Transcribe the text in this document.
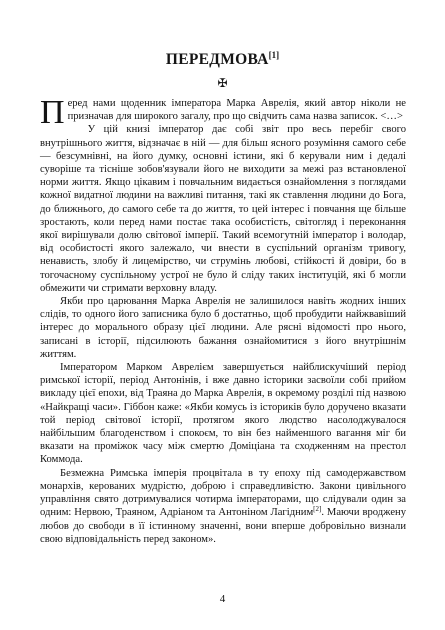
ПЕРЕДМОВА[1]
✠

Перед нами щоденник імператора Марка Аврелія, який автор ніколи не призначав для широкого загалу, про що свідчить сама назва записок. <…>

У цій книзі імператор дає собі звіт про весь перебіг свого внутрішнього життя, відзначає в ній — для більш ясного розуміння самого себе — безсумнівні, на його думку, основні істини, які б керували ним і дедалі суворіше та тісніше зобов'язували його не виходити за межі раз встановленої норми життя. Якщо цікавим і повчальним видається ознайомлення з поглядами кожної видатної людини на важливі питання, такі як ставлення людини до Бога, до ближнього, до самого себе та до життя, то цей інтерес і повчання ще більше зростають, коли перед нами постає така особистість, світогляд і переконання якої вирішували долю світової імперії. Такий всемогутній імператор і володар, від особистості якого залежало, чи внести в суспільний організм тривогу, ненависть, злобу й лицемірство, чи струмінь любові, стійкості й довіри, бо в тогочасному суспільному устрої не було й сліду таких інституцій, які б могли обмежити чи стримати верховну владу.

Якби про царювання Марка Аврелія не залишилося навіть жодних інших слідів, то одного його записника було б достатньо, щоб пробудити найжвавіший інтерес до морального образу цієї людини. Але рясні відомості про нього, записані в історії, підсилюють бажання ознайомитися з його внутрішнім життям.

Імператором Марком Аврелієм завершується найблискучіший період римської історії, період Антонінів, і вже давно історики засвоїли собі прийом викладу цієї епохи, від Траяна до Марка Аврелія, в окремому розділі під назвою «Найкращі часи». Гіббон каже: «Якби комусь із істориків було доручено вказати той період світової історії, протягом якого людство насолоджувалося найбільшим благоденством і спокоєм, то він без найменшого вагання міг би вказати на проміжок часу між смертю Доміціана та сходженням на престол Коммода.

Безмежна Римська імперія процвітала в ту епоху під самодержавством монархів, керованих мудрістю, доброю і справедливістю. Закони цивільного управління свято дотримувалися чотирма імператорами, що слідували один за одним: Нервою, Траяном, Адріаном та Антоніном Лагідним[2]. Маючи вроджену любов до свободи в її істинному значенні, вони вперше добровільно визнали свою відповідальність перед законом».

4
